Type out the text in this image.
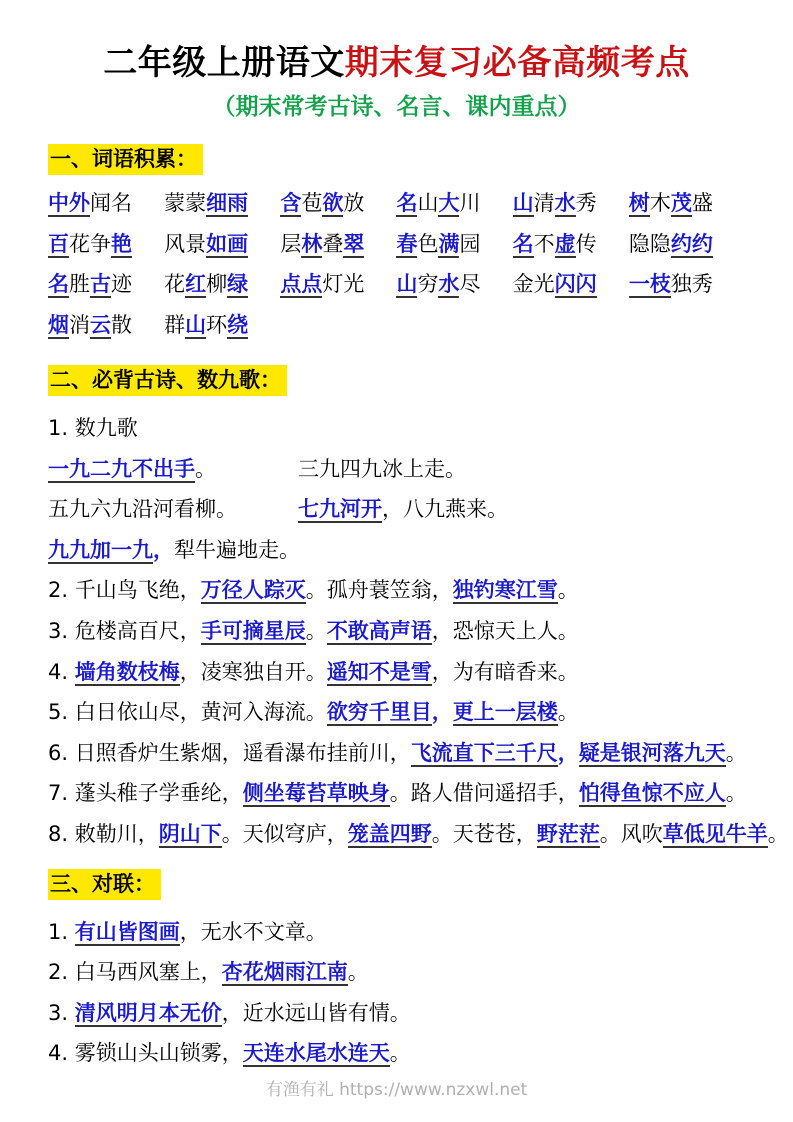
二年级上册语文期末复习必备高频考点
（期末常考古诗、名言、课内重点）
一、词语积累：
中外闻名	蒙蒙细雨	含苞欲放	名山大川	山清水秀	树木茂盛
百花争艳	风景如画	层林叠翠	春色满园	名不虚传	隐隐约约
名胜古迹	花红柳绿	点点灯光	山穷水尽	金光闪闪	一枝独秀
烟消云散	群山环绕
二、必背古诗、数九歌：
1. 数九歌
一九二九不出手。	三九四九冰上走。
五九六九沿河看柳。	七九河开，八九燕来。
九九加一九，犁牛遍地走。
2. 千山鸟飞绝，万径人踪灭。孤舟蓑笠翁，独钓寒江雪。
3. 危楼高百尺，手可摘星辰。不敢高声语，恐惊天上人。
4. 墙角数枝梅，凌寒独自开。遥知不是雪，为有暗香来。
5. 白日依山尽，黄河入海流。欲穷千里目，更上一层楼。
6. 日照香炉生紫烟，遥看瀑布挂前川，飞流直下三千尺，疑是银河落九天。
7. 蓬头稚子学垂纶，侧坐莓苔草映身。路人借问遥招手，怕得鱼惊不应人。
8. 敕勒川，阴山下。天似穹庐，笼盖四野。天苍苍，野茫茫。风吹草低见牛羊。
三、对联：
1. 有山皆图画，无水不文章。
2. 白马西风塞上，杏花烟雨江南。
3. 清风明月本无价，近水远山皆有情。
4. 雾锁山头山锁雾，天连水尾水连天。
有渔有礼 https://www.nzxwl.net
